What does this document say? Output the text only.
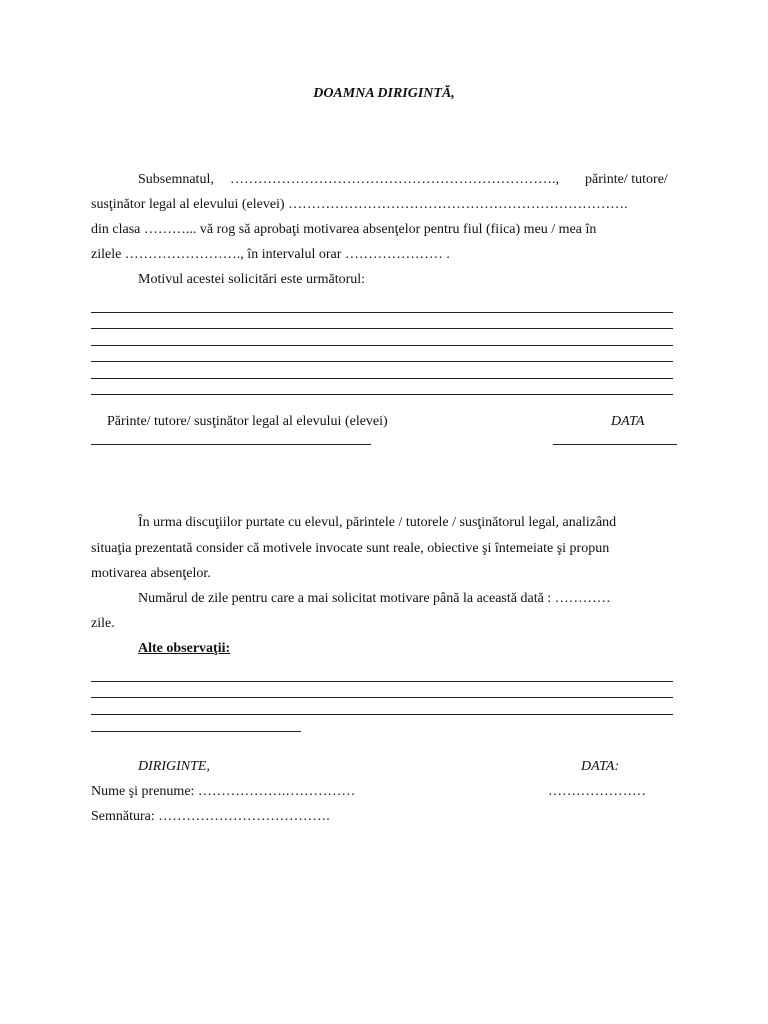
DOAMNA DIRIGINTĂ,
Subsemnatul, ……………………………………………………………., părinte/ tutore/
susţinător legal al elevului (elevei) ……………………………………………………………….
din clasa ………... vă rog să aprobaţi motivarea absenţelor pentru fiul (fiica) meu / mea în
zilele ……………………., în intervalul orar ………………… .
Motivul acestei solicitări este următorul:
Părinte/ tutore/ susţinător legal al elevului (elevei)	DATA
În urma discuţiilor purtate cu elevul, părintele / tutorele / susţinătorul legal, analizând
situaţia prezentată consider că motivele invocate sunt reale, obiective şi întemeiate şi propun
motivarea absenţelor.
Numărul de zile pentru care a mai solicitat motivare până la această dată : …………
zile.
Alte observaţii:
DIRIGINTE,	DATA:
Nume şi prenume: ……………….……………	…………………
Semnătura: ……………………………….
